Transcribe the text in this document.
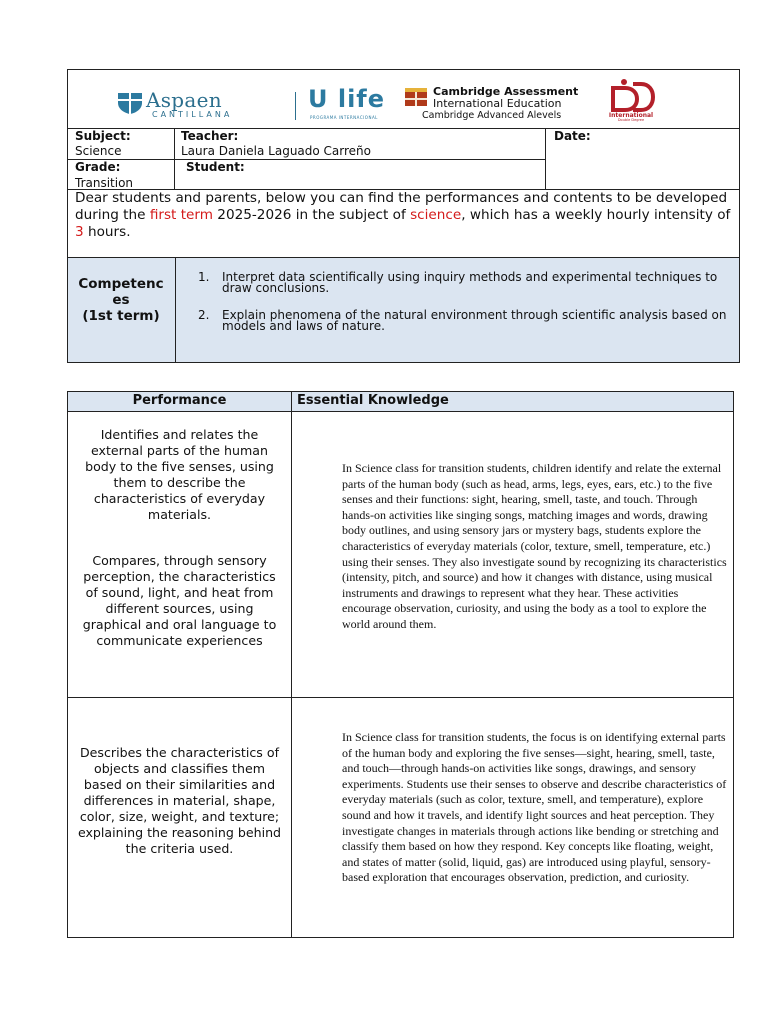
Aspaen
CANTILLANA
U life
PROGRAMA INTERNACIONAL
Cambridge Assessment
International Education
Cambridge Advanced Alevels	International
Double Degree
Subject:
Science
Teacher:
Laura Daniela Laguado Carreño
Date:
Grade:
Transition
Student:

Dear students and parents, below you can find the performances and contents to be developed during the first term 2025-2026 in the subject of science, which has a weekly hourly intensity of 3 hours.

Competenc
es
(1st term)
1. Interpret data scientifically using inquiry methods and experimental techniques to draw conclusions.
2. Explain phenomena of the natural environment through scientific analysis based on models and laws of nature.
Performance	Essential Knowledge
Identifies and relates the external parts of the human body to the five senses, using them to describe the characteristics of everyday materials.
Compares, through sensory perception, the characteristics of sound, light, and heat from different sources, using graphical and oral language to communicate experiences
In Science class for transition students, children identify and relate the external parts of the human body (such as head, arms, legs, eyes, ears, etc.) to the five senses and their functions: sight, hearing, smell, taste, and touch. Through hands-on activities like singing songs, matching images and words, drawing body outlines, and using sensory jars or mystery bags, students explore the characteristics of everyday materials (color, texture, smell, temperature, etc.) using their senses. They also investigate sound by recognizing its characteristics (intensity, pitch, and source) and how it changes with distance, using musical instruments and drawings to represent what they hear. These activities encourage observation, curiosity, and using the body as a tool to explore the world around them.
Describes the characteristics of objects and classifies them based on their similarities and differences in material, shape, color, size, weight, and texture; explaining the reasoning behind the criteria used.
In Science class for transition students, the focus is on identifying external parts of the human body and exploring the five senses—sight, hearing, smell, taste, and touch—through hands-on activities like songs, drawings, and sensory experiments. Students use their senses to observe and describe characteristics of everyday materials (such as color, texture, smell, and temperature), explore sound and how it travels, and identify light sources and heat perception. They investigate changes in materials through actions like bending or stretching and classify them based on how they respond. Key concepts like floating, weight, and states of matter (solid, liquid, gas) are introduced using playful, sensory-based exploration that encourages observation, prediction, and curiosity.
